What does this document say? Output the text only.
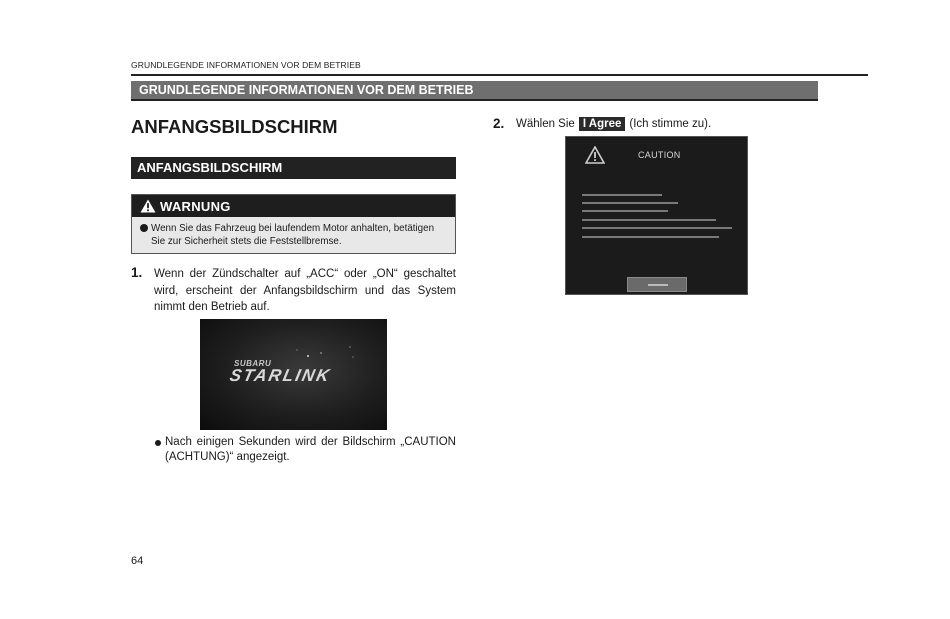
GRUNDLEGENDE INFORMATIONEN VOR DEM BETRIEB
GRUNDLEGENDE INFORMATIONEN VOR DEM BETRIEB
ANFANGSBILDSCHIRM
ANFANGSBILDSCHIRM
WARNUNG
Wenn Sie das Fahrzeug bei laufendem Motor anhalten, betätigen
Sie zur Sicherheit stets die Feststellbremse.
1. Wenn der Zündschalter auf „ACC“ oder „ON“ geschaltet wird, erscheint der Anfangsbildschirm und das System nimmt den Betrieb auf.
SUBARU
STARLINK
Nach einigen Sekunden wird der Bildschirm „CAUTION (ACHTUNG)“ angezeigt.
2. Wählen Sie I Agree (Ich stimme zu).
CAUTION
64
